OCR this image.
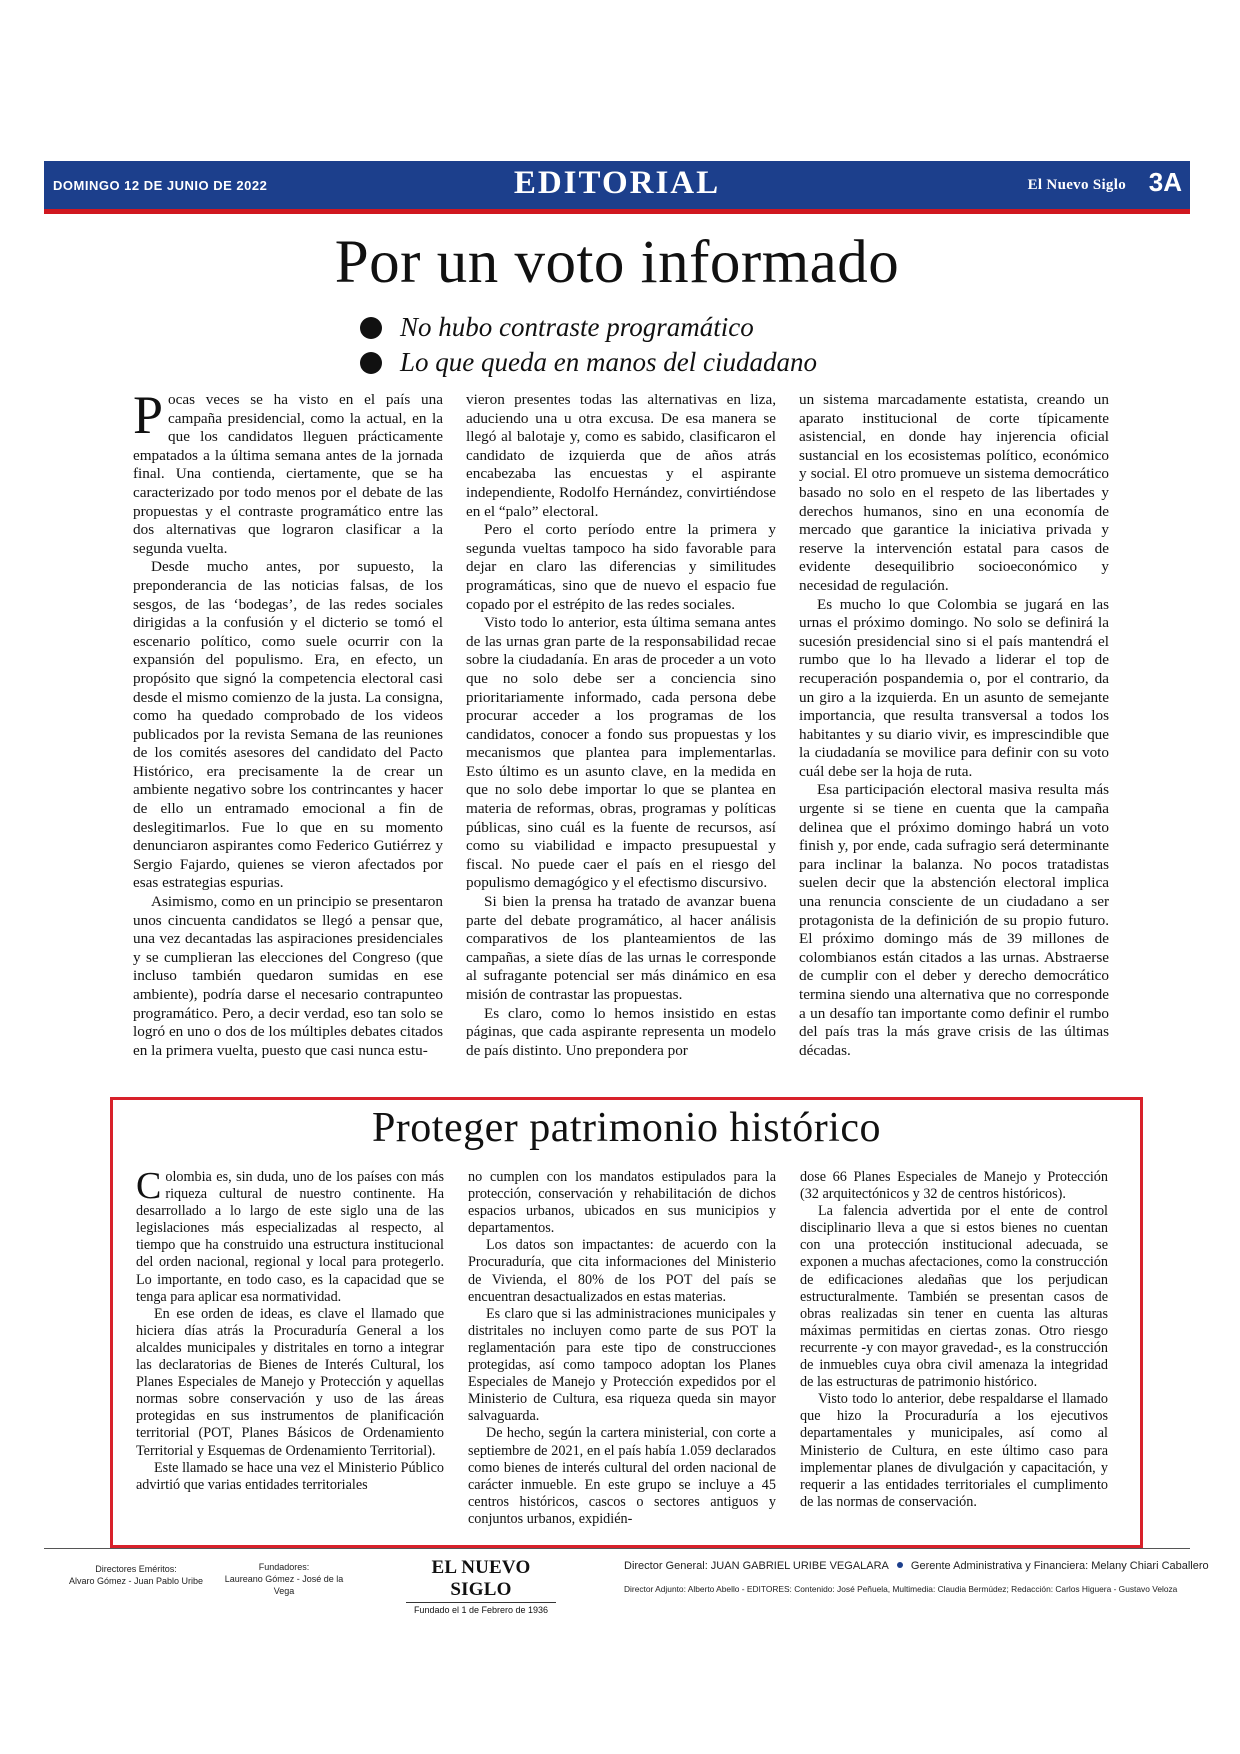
DOMINGO 12 DE JUNIO DE 2022	EDITORIAL	El Nuevo Siglo 3A
Por un voto informado
No hubo contraste programático
Lo que queda en manos del ciudadano

Pocas veces se ha visto en el país una campaña presidencial, como la actual, en la que los candidatos lleguen prácticamente empatados a la última semana antes de la jornada final. Una contienda, ciertamente, que se ha caracterizado por todo menos por el debate de las propuestas y el contraste programático entre las dos alternativas que lograron clasificar a la segunda vuelta.

Desde mucho antes, por supuesto, la preponderancia de las noticias falsas, de los sesgos, de las ‘bodegas’, de las redes sociales dirigidas a la confusión y el dicterio se tomó el escenario político, como suele ocurrir con la expansión del populismo. Era, en efecto, un propósito que signó la competencia electoral casi desde el mismo comienzo de la justa. La consigna, como ha quedado comprobado de los videos publicados por la revista Semana de las reuniones de los comités asesores del candidato del Pacto Histórico, era precisamente la de crear un ambiente negativo sobre los contrincantes y hacer de ello un entramado emocional a fin de deslegitimarlos. Fue lo que en su momento denunciaron aspirantes como Federico Gutiérrez y Sergio Fajardo, quienes se vieron afectados por esas estrategias espurias.

Asimismo, como en un principio se presentaron unos cincuenta candidatos se llegó a pensar que, una vez decantadas las aspiraciones presidenciales y se cumplieran las elecciones del Congreso (que incluso también quedaron sumidas en ese ambiente), podría darse el necesario contrapunteo programático. Pero, a decir verdad, eso tan solo se logró en uno o dos de los múltiples debates citados en la primera vuelta, puesto que casi nunca estu-

vieron presentes todas las alternativas en liza, aduciendo una u otra excusa. De esa manera se llegó al balotaje y, como es sabido, clasificaron el candidato de izquierda que de años atrás encabezaba las encuestas y el aspirante independiente, Rodolfo Hernández, convirtiéndose en el “palo” electoral.

Pero el corto período entre la primera y segunda vueltas tampoco ha sido favorable para dejar en claro las diferencias y similitudes programáticas, sino que de nuevo el espacio fue copado por el estrépito de las redes sociales.

Visto todo lo anterior, esta última semana antes de las urnas gran parte de la responsabilidad recae sobre la ciudadanía. En aras de proceder a un voto que no solo debe ser a conciencia sino prioritariamente informado, cada persona debe procurar acceder a los programas de los candidatos, conocer a fondo sus propuestas y los mecanismos que plantea para implementarlas. Esto último es un asunto clave, en la medida en que no solo debe importar lo que se plantea en materia de reformas, obras, programas y políticas públicas, sino cuál es la fuente de recursos, así como su viabilidad e impacto presupuestal y fiscal. No puede caer el país en el riesgo del populismo demagógico y el efectismo discursivo.

Si bien la prensa ha tratado de avanzar buena parte del debate programático, al hacer análisis comparativos de los planteamientos de las campañas, a siete días de las urnas le corresponde al sufragante potencial ser más dinámico en esa misión de contrastar las propuestas.

Es claro, como lo hemos insistido en estas páginas, que cada aspirante representa un modelo de país distinto. Uno prepondera por

un sistema marcadamente estatista, creando un aparato institucional de corte típicamente asistencial, en donde hay injerencia oficial sustancial en los ecosistemas político, económico y social. El otro promueve un sistema democrático basado no solo en el respeto de las libertades y derechos humanos, sino en una economía de mercado que garantice la iniciativa privada y reserve la intervención estatal para casos de evidente desequilibrio socioeconómico y necesidad de regulación.

Es mucho lo que Colombia se jugará en las urnas el próximo domingo. No solo se definirá la sucesión presidencial sino si el país mantendrá el rumbo que lo ha llevado a liderar el top de recuperación pospandemia o, por el contrario, da un giro a la izquierda. En un asunto de semejante importancia, que resulta transversal a todos los habitantes y su diario vivir, es imprescindible que la ciudadanía se movilice para definir con su voto cuál debe ser la hoja de ruta.

Esa participación electoral masiva resulta más urgente si se tiene en cuenta que la campaña delinea que el próximo domingo habrá un voto finish y, por ende, cada sufragio será determinante para inclinar la balanza. No pocos tratadistas suelen decir que la abstención electoral implica una renuncia consciente de un ciudadano a ser protagonista de la definición de su propio futuro. El próximo domingo más de 39 millones de colombianos están citados a las urnas. Abstraerse de cumplir con el deber y derecho democrático termina siendo una alternativa que no corresponde a un desafío tan importante como definir el rumbo del país tras la más grave crisis de las últimas décadas.

Proteger patrimonio histórico

Colombia es, sin duda, uno de los países con más riqueza cultural de nuestro continente. Ha desarrollado a lo largo de este siglo una de las legislaciones más especializadas al respecto, al tiempo que ha construido una estructura institucional del orden nacional, regional y local para protegerlo. Lo importante, en todo caso, es la capacidad que se tenga para aplicar esa normatividad.

En ese orden de ideas, es clave el llamado que hiciera días atrás la Procuraduría General a los alcaldes municipales y distritales en torno a integrar las declaratorias de Bienes de Interés Cultural, los Planes Especiales de Manejo y Protección y aquellas normas sobre conservación y uso de las áreas protegidas en sus instrumentos de planificación territorial (POT, Planes Básicos de Ordenamiento Territorial y Esquemas de Ordenamiento Territorial).

Este llamado se hace una vez el Ministerio Público advirtió que varias entidades territoriales

no cumplen con los mandatos estipulados para la protección, conservación y rehabilitación de dichos espacios urbanos, ubicados en sus municipios y departamentos.

Los datos son impactantes: de acuerdo con la Procuraduría, que cita informaciones del Ministerio de Vivienda, el 80% de los POT del país se encuentran desactualizados en estas materias.

Es claro que si las administraciones municipales y distritales no incluyen como parte de sus POT la reglamentación para este tipo de construcciones protegidas, así como tampoco adoptan los Planes Especiales de Manejo y Protección expedidos por el Ministerio de Cultura, esa riqueza queda sin mayor salvaguarda.

De hecho, según la cartera ministerial, con corte a septiembre de 2021, en el país había 1.059 declarados como bienes de interés cultural del orden nacional de carácter inmueble. En este grupo se incluye a 45 centros históricos, cascos o sectores antiguos y conjuntos urbanos, expidién-

dose 66 Planes Especiales de Manejo y Protección (32 arquitectónicos y 32 de centros históricos).

La falencia advertida por el ente de control disciplinario lleva a que si estos bienes no cuentan con una protección institucional adecuada, se exponen a muchas afectaciones, como la construcción de edificaciones aledañas que los perjudican estructuralmente. También se presentan casos de obras realizadas sin tener en cuenta las alturas máximas permitidas en ciertas zonas. Otro riesgo recurrente -y con mayor gravedad-, es la construcción de inmuebles cuya obra civil amenaza la integridad de las estructuras de patrimonio histórico.

Visto todo lo anterior, debe respaldarse el llamado que hizo la Procuraduría a los ejecutivos departamentales y municipales, así como al Ministerio de Cultura, en este último caso para implementar planes de divulgación y capacitación, y requerir a las entidades territoriales el cumplimento de las normas de conservación.

Directores Eméritos:
Alvaro Gómez - Juan Pablo Uribe
Fundadores:
Laureano Gómez - José de la Vega
EL NUEVO SIGLO
Fundado el 1 de Febrero de 1936
Director General: JUAN GABRIEL URIBE VEGALARA Gerente Administrativa y Financiera: Melany Chiari Caballero
Director Adjunto: Alberto Abello - EDITORES: Contenido: José Peñuela, Multimedia: Claudia Bermúdez; Redacción: Carlos Higuera - Gustavo Veloza
